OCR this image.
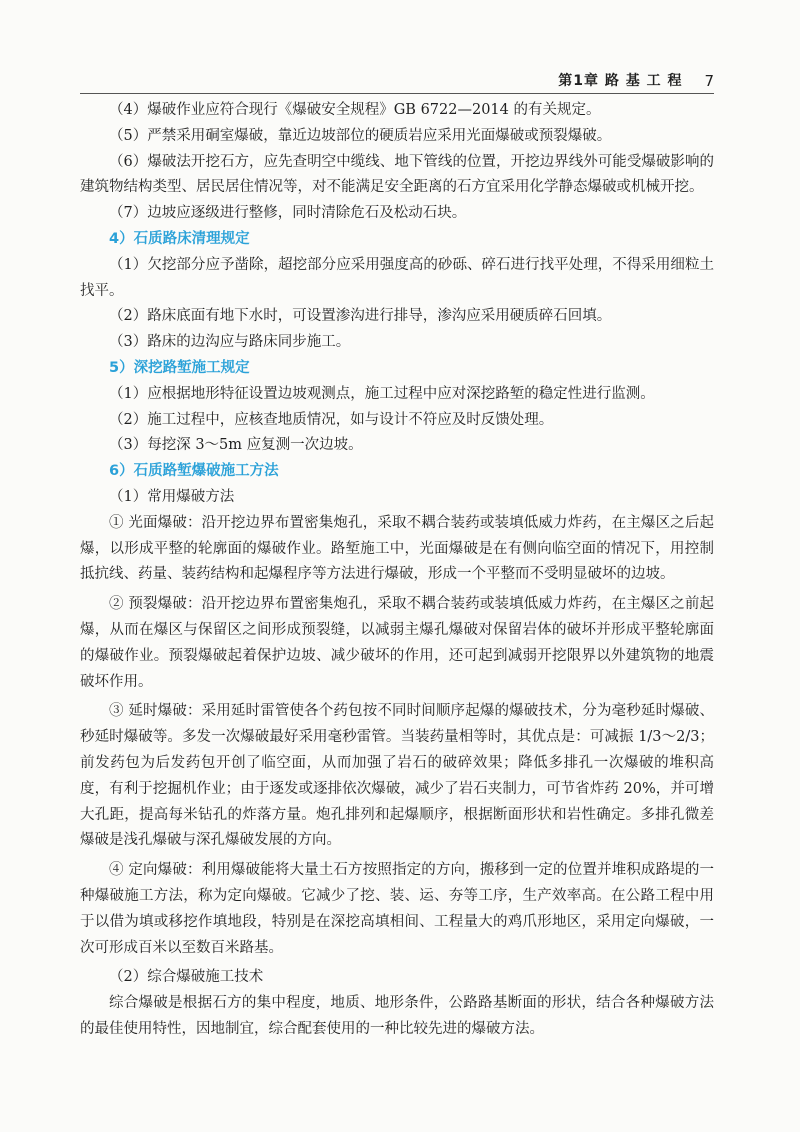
第1章 路 基 工 程 7

（4）爆破作业应符合现行《爆破安全规程》GB 6722—2014 的有关规定。

（5）严禁采用硐室爆破，靠近边坡部位的硬质岩应采用光面爆破或预裂爆破。

（6）爆破法开挖石方，应先查明空中缆线、地下管线的位置，开挖边界线外可能受爆破影响的建筑物结构类型、居民居住情况等，对不能满足安全距离的石方宜采用化学静态爆破或机械开挖。

（7）边坡应逐级进行整修，同时清除危石及松动石块。

4）石质路床清理规定

（1）欠挖部分应予凿除，超挖部分应采用强度高的砂砾、碎石进行找平处理，不得采用细粒土找平。

（2）路床底面有地下水时，可设置渗沟进行排导，渗沟应采用硬质碎石回填。

（3）路床的边沟应与路床同步施工。

5）深挖路堑施工规定

（1）应根据地形特征设置边坡观测点，施工过程中应对深挖路堑的稳定性进行监测。

（2）施工过程中，应核查地质情况，如与设计不符应及时反馈处理。

（3）每挖深 3～5m 应复测一次边坡。

6）石质路堑爆破施工方法

（1）常用爆破方法

① 光面爆破：沿开挖边界布置密集炮孔，采取不耦合装药或装填低威力炸药，在主爆区之后起爆，以形成平整的轮廓面的爆破作业。路堑施工中，光面爆破是在有侧向临空面的情况下，用控制抵抗线、药量、装药结构和起爆程序等方法进行爆破，形成一个平整而不受明显破坏的边坡。

② 预裂爆破：沿开挖边界布置密集炮孔，采取不耦合装药或装填低威力炸药，在主爆区之前起爆，从而在爆区与保留区之间形成预裂缝，以减弱主爆孔爆破对保留岩体的破坏并形成平整轮廓面的爆破作业。预裂爆破起着保护边坡、减少破坏的作用，还可起到减弱开挖限界以外建筑物的地震破坏作用。

③ 延时爆破：采用延时雷管使各个药包按不同时间顺序起爆的爆破技术，分为毫秒延时爆破、秒延时爆破等。多发一次爆破最好采用毫秒雷管。当装药量相等时，其优点是：可减振 1/3～2/3；前发药包为后发药包开创了临空面，从而加强了岩石的破碎效果；降低多排孔一次爆破的堆积高度，有利于挖掘机作业；由于逐发或逐排依次爆破，减少了岩石夹制力，可节省炸药 20%，并可增大孔距，提高每米钻孔的炸落方量。炮孔排列和起爆顺序，根据断面形状和岩性确定。多排孔微差爆破是浅孔爆破与深孔爆破发展的方向。

④ 定向爆破：利用爆破能将大量土石方按照指定的方向，搬移到一定的位置并堆积成路堤的一种爆破施工方法，称为定向爆破。它减少了挖、装、运、夯等工序，生产效率高。在公路工程中用于以借为填或移挖作填地段，特别是在深挖高填相间、工程量大的鸡爪形地区，采用定向爆破，一次可形成百米以至数百米路基。

（2）综合爆破施工技术

综合爆破是根据石方的集中程度，地质、地形条件，公路路基断面的形状，结合各种爆破方法的最佳使用特性，因地制宜，综合配套使用的一种比较先进的爆破方法。
